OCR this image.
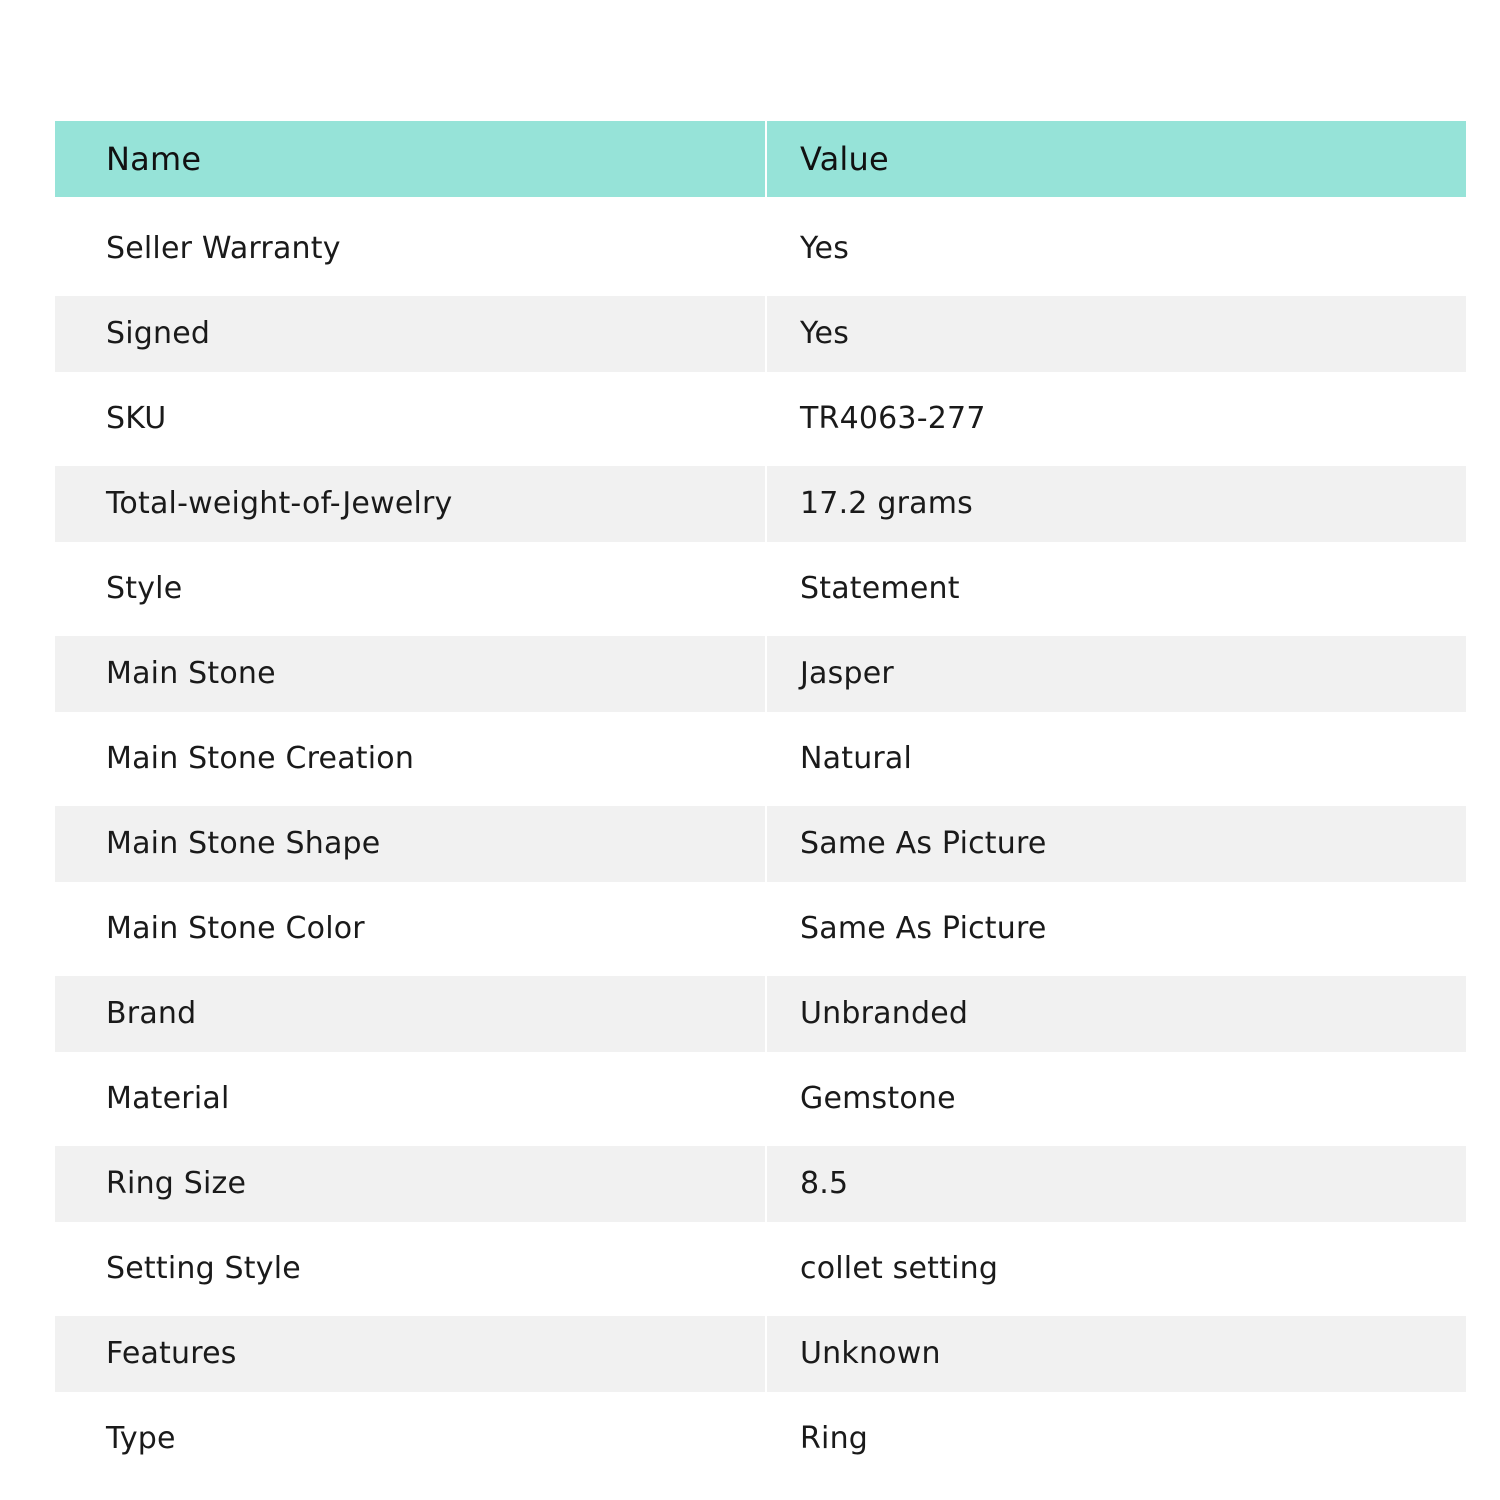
Name	Value
Seller Warranty	Yes
Signed	Yes
SKU	TR4063-277
Total-weight-of-Jewelry	17.2 grams
Style	Statement
Main Stone	Jasper
Main Stone Creation	Natural
Main Stone Shape	Same As Picture
Main Stone Color	Same As Picture
Brand	Unbranded
Material	Gemstone
Ring Size	8.5
Setting Style	collet setting
Features	Unknown
Type	Ring
